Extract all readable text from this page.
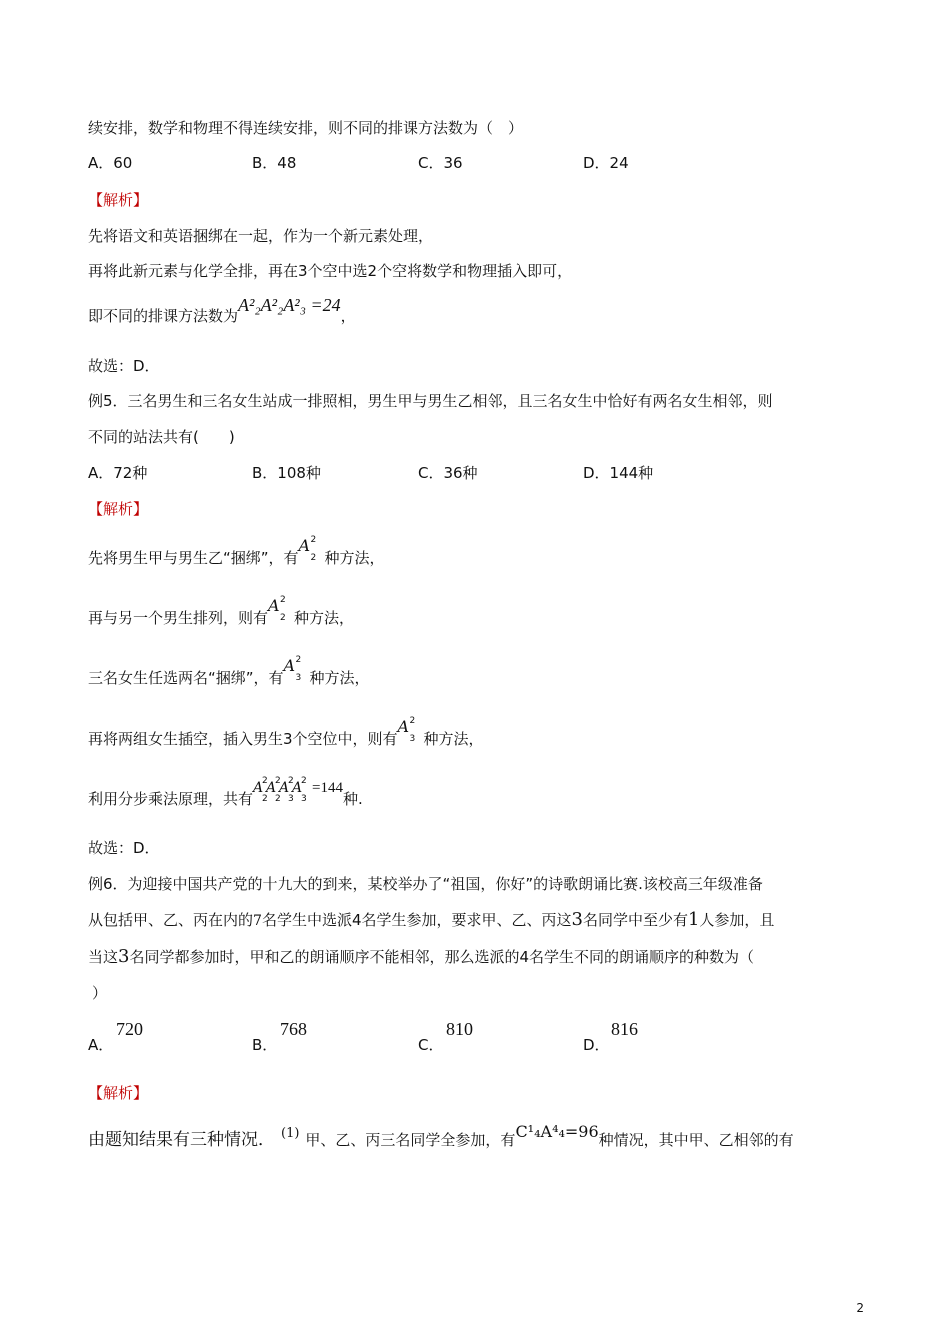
续安排，数学和物理不得连续安排，则不同的排课方法数为（　）
A．60	B．48	C．36	D．24
【解析】
先将语文和英语捆绑在一起，作为一个新元素处理，
再将此新元素与化学全排，再在3个空中选2个空将数学和物理插入即可，
即不同的排课方法数为A²₂A²₂A²₃ =24，
故选：D．
例5．三名男生和三名女生站成一排照相，男生甲与男生乙相邻，且三名女生中恰好有两名女生相邻，则
不同的站法共有(　　)
A．72种	B．108种	C．36种	D．144种
【解析】
先将男生甲与男生乙“捆绑”，有A 2
2 种方法，
再与另一个男生排列，则有A 2
2 种方法，
三名女生任选两名“捆绑”，有A 2
3 种方法，
再将两组女生插空，插入男生3个空位中，则有A 2
3 种方法，
利用分步乘法原理，共有A
2
2
A
2
2
A
2
3
A
2
3
=144种.
故选：D．
例6．为迎接中国共产党的十九大的到来，某校举办了“祖国，你好”的诗歌朗诵比赛.该校高三年级准备
从包括甲、乙、丙在内的7名学生中选派4名学生参加，要求甲、乙、丙这3名同学中至少有1人参加，且
当这3名同学都参加时，甲和乙的朗诵顺序不能相邻，那么选派的4名学生不同的朗诵顺序的种数为（
）
A．
720
B．
768
C．
810
D．
816
【解析】
由题知结果有三种情况． (1) 甲、乙、丙三名同学全参加，有C¹₄A⁴₄=96种情况，其中甲、乙相邻的有
2
